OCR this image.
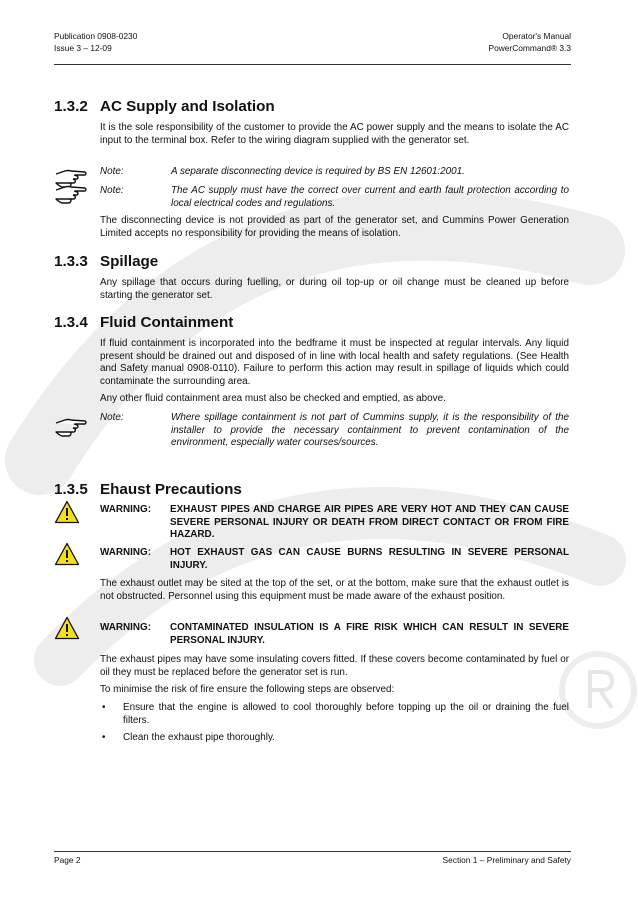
Publication 0908-0230
Issue 3 – 12-09
Operator's Manual
PowerCommand® 3.3
1.3.2 AC Supply and Isolation
It is the sole responsibility of the customer to provide the AC power supply and the means to isolate the AC input to the terminal box. Refer to the wiring diagram supplied with the generator set.
Note:	A separate disconnecting device is required by BS EN 12601:2001.
Note:	The AC supply must have the correct over current and earth fault protection according to local electrical codes and regulations.
The disconnecting device is not provided as part of the generator set, and Cummins Power Generation Limited accepts no responsibility for providing the means of isolation.
1.3.3 Spillage
Any spillage that occurs during fuelling, or during oil top-up or oil change must be cleaned up before starting the generator set.
1.3.4 Fluid Containment
If fluid containment is incorporated into the bedframe it must be inspected at regular intervals. Any liquid present should be drained out and disposed of in line with local health and safety regulations. (See Health and Safety manual 0908-0110). Failure to perform this action may result in spillage of liquids which could contaminate the surrounding area.
Any other fluid containment area must also be checked and emptied, as above.
Note:	Where spillage containment is not part of Cummins supply, it is the responsibility of the installer to provide the necessary containment to prevent contamination of the environment, especially water courses/sources.
1.3.5 Ehaust Precautions
WARNING: EXHAUST PIPES AND CHARGE AIR PIPES ARE VERY HOT AND THEY CAN CAUSE SEVERE PERSONAL INJURY OR DEATH FROM DIRECT CONTACT OR FROM FIRE HAZARD.
WARNING: HOT EXHAUST GAS CAN CAUSE BURNS RESULTING IN SEVERE PERSONAL INJURY.
The exhaust outlet may be sited at the top of the set, or at the bottom, make sure that the exhaust outlet is not obstructed. Personnel using this equipment must be made aware of the exhaust position.
WARNING: CONTAMINATED INSULATION IS A FIRE RISK WHICH CAN RESULT IN SEVERE PERSONAL INJURY.
The exhaust pipes may have some insulating covers fitted. If these covers become contaminated by fuel or oil they must be replaced before the generator set is run.
To minimise the risk of fire ensure the following steps are observed:
• Ensure that the engine is allowed to cool thoroughly before topping up the oil or draining the fuel filters.
• Clean the exhaust pipe thoroughly.
Page 2	Section 1 – Preliminary and Safety
